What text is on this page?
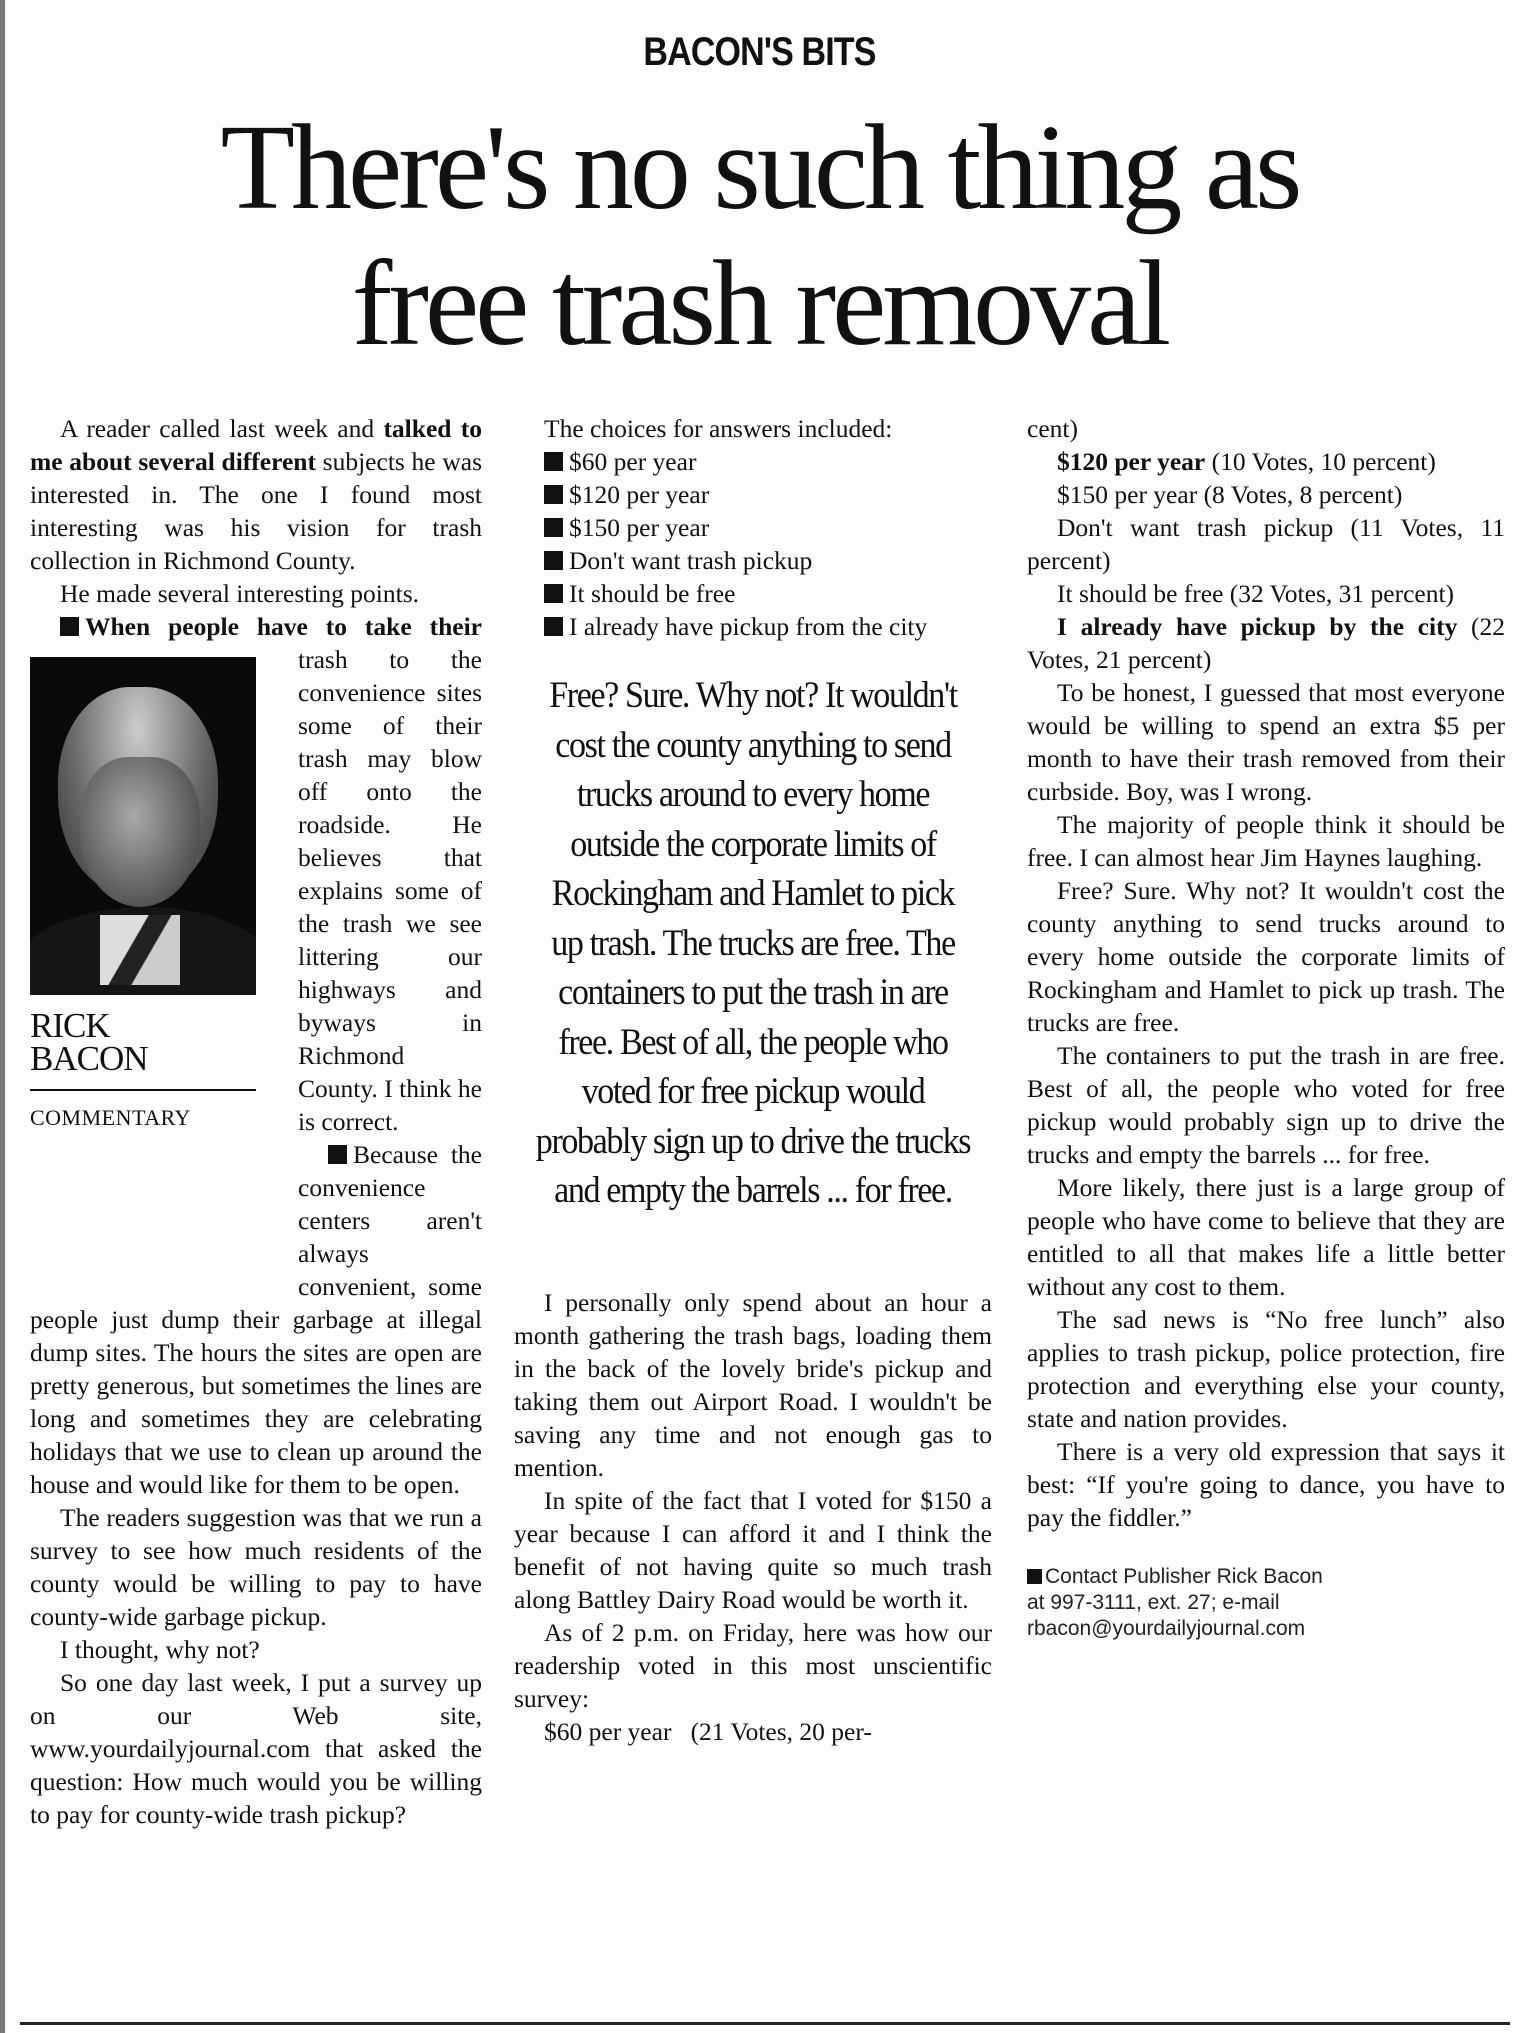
BACON'S BITS
There's no such thing as
free trash removal

A reader called last week and talked to me about several different subjects he was interested in. The one I found most interesting was his vision for trash collection in Richmond County.

He made several interesting points.

When people have to take their

RICK
BACON
COMMENTARY

trash to the convenience sites some of their trash may blow off onto the roadside. He believes that explains some of the trash we see littering our highways and byways in Richmond County. I think he is correct.

Because the convenience centers aren't always convenient, some people just dump their garbage at illegal dump sites. The hours the sites are open are pretty generous, but sometimes the lines are long and sometimes they are celebrating holidays that we use to clean up around the house and would like for them to be open.

The readers suggestion was that we run a survey to see how much residents of the county would be willing to pay to have county-wide garbage pickup.

I thought, why not?

So one day last week, I put a survey up on our Web site, www.yourdailyjournal.com that asked the question: How much would you be willing to pay for county-wide trash pickup?

The choices for answers included:

$60 per year
$120 per year
$150 per year
Don't want trash pickup
It should be free
I already have pickup from the city
Free? Sure. Why not? It wouldn't cost the county anything to send trucks around to every home outside the corporate limits of Rockingham and Hamlet to pick up trash. The trucks are free. The containers to put the trash in are free. Best of all, the people who voted for free pickup would probably sign up to drive the trucks and empty the barrels ... for free.

I personally only spend about an hour a month gathering the trash bags, loading them in the back of the lovely bride's pickup and taking them out Airport Road. I wouldn't be saving any time and not enough gas to mention.

In spite of the fact that I voted for $150 a year because I can afford it and I think the benefit of not having quite so much trash along Battley Dairy Road would be worth it.

As of 2 p.m. on Friday, here was how our readership voted in this most unscientific survey:

$60 per year   (21 Votes, 20 per-

cent)

$120 per year (10 Votes, 10 percent)

$150 per year (8 Votes, 8 percent)

Don't want trash pickup (11 Votes, 11 percent)

It should be free (32 Votes, 31 percent)

I already have pickup by the city (22 Votes, 21 percent)

To be honest, I guessed that most everyone would be willing to spend an extra $5 per month to have their trash removed from their curbside. Boy, was I wrong.

The majority of people think it should be free. I can almost hear Jim Haynes laughing.

Free? Sure. Why not? It wouldn't cost the county anything to send trucks around to every home outside the corporate limits of Rockingham and Hamlet to pick up trash. The trucks are free.

The containers to put the trash in are free. Best of all, the people who voted for free pickup would probably sign up to drive the trucks and empty the barrels ... for free.

More likely, there just is a large group of people who have come to believe that they are entitled to all that makes life a little better without any cost to them.

The sad news is “No free lunch” also applies to trash pickup, police protection, fire protection and everything else your county, state and nation provides.

There is a very old expression that says it best: “If you're going to dance, you have to pay the fiddler.”

Contact Publisher Rick Bacon
at 997-3111, ext. 27; e-mail
rbacon@yourdailyjournal.com
